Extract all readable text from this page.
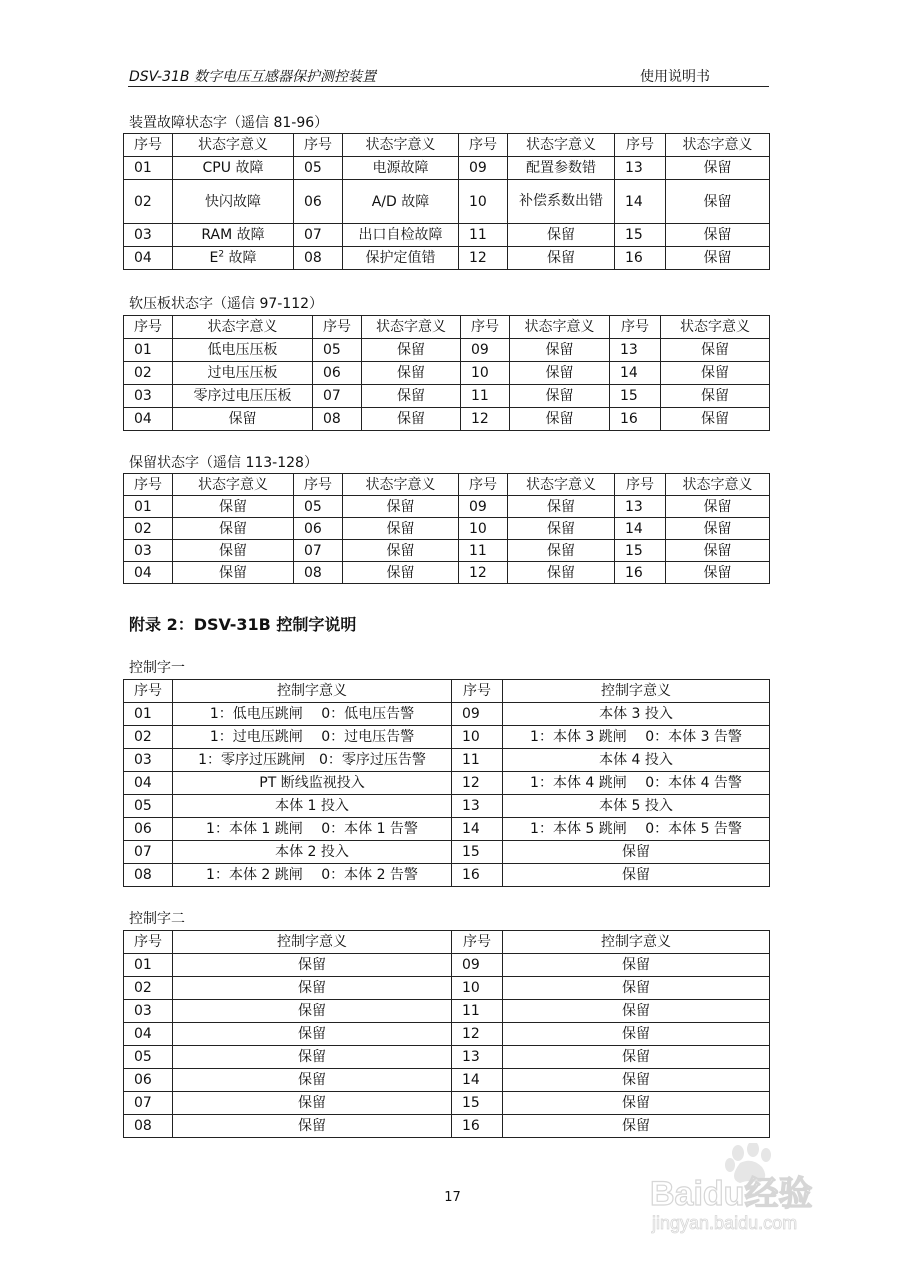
DSV-31B 数字电压互感器保护测控装置	使用说明书
装置故障状态字（遥信 81-96）
序号	状态字意义	序号	状态字意义	序号	状态字意义	序号	状态字意义
01	CPU 故障	05	电源故障	09	配置参数错	13	保留
02	快闪故障	06	A/D 故障	10	补偿系数出错	14	保留
03	RAM 故障	07	出口自检故障	11	保留	15	保留
04	$E^2$ 故障	08	保护定值错	12	保留	16	保留
软压板状态字（遥信 97-112）
序号	状态字意义	序号	状态字意义	序号	状态字意义	序号	状态字意义
01	低电压压板	05	保留	09	保留	13	保留
02	过电压压板	06	保留	10	保留	14	保留
03	零序过电压压板	07	保留	11	保留	15	保留
04	保留	08	保留	12	保留	16	保留
保留状态字（遥信 113-128）
序号	状态字意义	序号	状态字意义	序号	状态字意义	序号	状态字意义
01	保留	05	保留	09	保留	13	保留
02	保留	06	保留	10	保留	14	保留
03	保留	07	保留	11	保留	15	保留
04	保留	08	保留	12	保留	16	保留
附录 2：DSV-31B 控制字说明
控制字一
序号	控制字意义	序号	控制字意义
01	1：低电压跳闸　 0：低电压告警	09	本体 3 投入
02	1：过电压跳闸　 0：过电压告警	10	1：本体 3 跳闸　 0：本体 3 告警
03	1：零序过压跳闸　0：零序过压告警	11	本体 4 投入
04	PT 断线监视投入	12	1：本体 4 跳闸　 0：本体 4 告警
05	本体 1 投入	13	本体 5 投入
06	1：本体 1 跳闸　 0：本体 1 告警	14	1：本体 5 跳闸　 0：本体 5 告警
07	本体 2 投入	15	保留
08	1：本体 2 跳闸　 0：本体 2 告警	16	保留
控制字二
序号	控制字意义	序号	控制字意义
01	保留	09	保留
02	保留	10	保留
03	保留	11	保留
04	保留	12	保留
05	保留	13	保留
06	保留	14	保留
07	保留	15	保留
08	保留	16	保留
17	Baidu经验
jingyan.baidu.com
